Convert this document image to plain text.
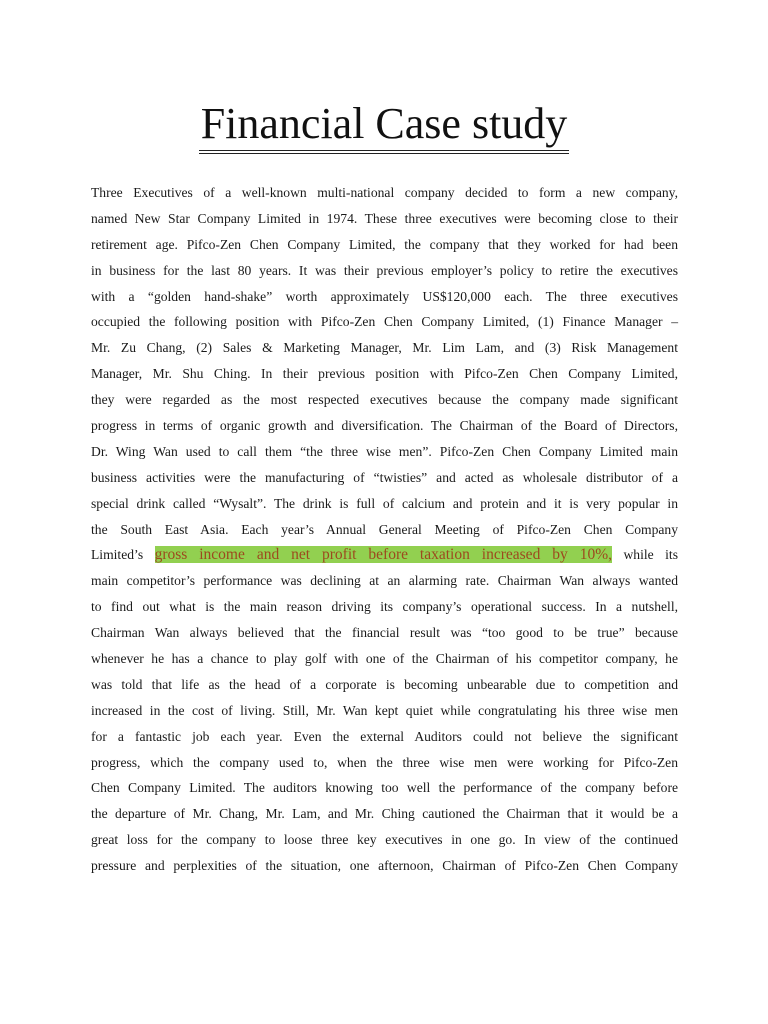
Financial Case study
Three Executives of a well-known multi-national company decided to form a new company,
named New Star Company Limited in 1974. These three executives were becoming close to their
retirement age. Pifco-Zen Chen Company Limited, the company that they worked for had been
in business for the last 80 years. It was their previous employer’s policy to retire the executives
with a “golden hand-shake” worth approximately US$120,000 each. The three executives
occupied the following position with Pifco-Zen Chen Company Limited, (1) Finance Manager –
Mr. Zu Chang, (2) Sales & Marketing Manager, Mr. Lim Lam, and (3) Risk Management
Manager, Mr. Shu Ching. In their previous position with Pifco-Zen Chen Company Limited,
they were regarded as the most respected executives because the company made significant
progress in terms of organic growth and diversification. The Chairman of the Board of Directors,
Dr. Wing Wan used to call them “the three wise men”. Pifco-Zen Chen Company Limited main
business activities were the manufacturing of “twisties” and acted as wholesale distributor of a
special drink called “Wysalt”. The drink is full of calcium and protein and it is very popular in
the South East Asia. Each year’s Annual General Meeting of Pifco-Zen Chen Company
Limited’s gross income and net profit before taxation increased by 10%, while its
main competitor’s performance was declining at an alarming rate. Chairman Wan always wanted
to find out what is the main reason driving its company’s operational success. In a nutshell,
Chairman Wan always believed that the financial result was “too good to be true” because
whenever he has a chance to play golf with one of the Chairman of his competitor company, he
was told that life as the head of a corporate is becoming unbearable due to competition and
increased in the cost of living. Still, Mr. Wan kept quiet while congratulating his three wise men
for a fantastic job each year. Even the external Auditors could not believe the significant
progress, which the company used to, when the three wise men were working for Pifco-Zen
Chen Company Limited. The auditors knowing too well the performance of the company before
the departure of Mr. Chang, Mr. Lam, and Mr. Ching cautioned the Chairman that it would be a
great loss for the company to loose three key executives in one go. In view of the continued
pressure and perplexities of the situation, one afternoon, Chairman of Pifco-Zen Chen Company
